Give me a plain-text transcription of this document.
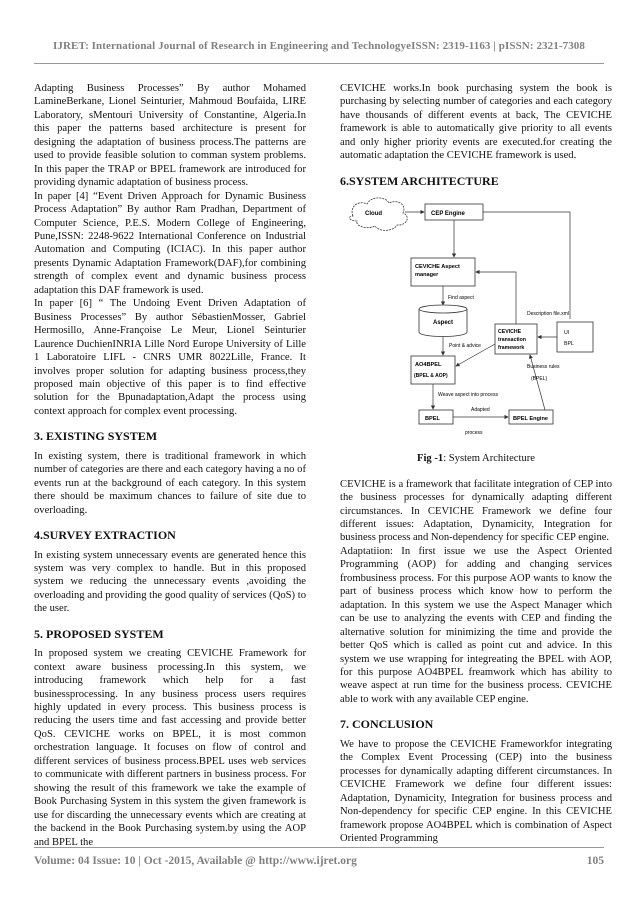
IJRET: International Journal of Research in Engineering and TechnologyeISSN: 2319-1163 | pISSN: 2321-7308

Adapting Business Processes” By author Mohamed LamineBerkane, Lionel Seinturier, Mahmoud Boufaida, LIRE Laboratory, sMentouri University of Constantine, Algeria.In this paper the patterns based architecture is present for designing the adaptation of business process.The patterns are used to provide feasible solution to comman system problems. In this paper the TRAP or BPEL framework are introduced for providing dynamic adaptation of business process.

In paper [4] “Event Driven Approach for Dynamic Business Process Adaptation” By author Ram Pradhan, Department of Computer Science, P.E.S. Modern College of Engineering, Pune,ISSN: 2248-9622 International Conference on Industrial Automation and Computing (ICIAC). In this paper author presents Dynamic Adaptation Framework(DAF),for combining strength of complex event and dynamic business process adaptation this DAF framework is used.

In paper [6] “ The Undoing Event Driven Adaptation of Business Processes” By author SébastienMosser, Gabriel Hermosillo, Anne-Françoise Le Meur, Lionel Seinturier Laurence DuchienINRIA Lille Nord Europe University of Lille 1 Laboratoire LIFL - CNRS UMR 8022Lille, France. It involves proper solution for adapting business process,they proposed main objective of this paper is to find effective solution for the Bpunadaptation,Adapt the process using context approach for complex event processing.

3. EXISTING SYSTEM

In existing system, there is traditional framework in which number of categories are there and each category having a no of events run at the background of each category. In this system there should be maximum chances to failure of site due to overloading.

4.SURVEY EXTRACTION

In existing system unnecessary events are generated hence this system was very complex to handle. But in this proposed system we reducing the unnecessary events ,avoiding the overloading and providing the good quality of services (QoS) to the user.

5. PROPOSED SYSTEM

In proposed system we creating CEVICHE Framework for context aware business processing.In this system, we introducing framework which help for a fast businessprocessing. In any business process users requires highly updated in every process. This business process is reducing the users time and fast accessing and provide better QoS. CEVICHE works on BPEL, it is most common orchestration language. It focuses on flow of control and different services of business process.BPEL uses web services to communicate with different partners in business process. For showing the result of this framework we take the example of Book Purchasing System in this system the given framework is use for discarding the unnecessary events which are creating at the backend in the Book Purchasing system.by using the AOP and BPEL the

CEVICHE works.In book purchasing system the book is purchasing by selecting number of categories and each category have thousands of different events at back, The CEVICHE framework is able to automatically give priority to all events and only higher priority events are executed.for creating the automatic adaptation the CEVICHE framework is used.

6.SYSTEM ARCHITECTURE

Cloud	CEP Engine
CEVICHE Aspect
manager
Find aspect
Aspect
Point & advice
AO4BPEL
(BPEL & AOP)
CEVICHE
transaction
framework
Description file.xml
UI
BPL
Business rules
(BPEL)
Weave aspect into process
BPEL
Adapted
BPEL Engine
process

Fig -1: System Architecture

CEVICHE is a framework that facilitate integration of CEP into the business processes for dynamically adapting different circumstances. In CEVICHE Framework we define four different issues: Adaptation, Dynamicity, Integration for business process and Non-dependency for specific CEP engine.

Adaptatiion: In first issue we use the Aspect Oriented Programming (AOP) for adding and changing services frombusiness process. For this purpose AOP wants to know the part of business process which know how to perform the adaptation. In this system we use the Aspect Manager which can be use to analyzing the events with CEP and finding the alternative solution for minimizing the time and provide the better QoS which is called as point cut and advice. In this system we use wrapping for integreating the BPEL with AOP, for this purpose AO4BPEL freamwork which has ability to weave aspect at run time for the business process. CEVICHE able to work with any available CEP engine.

7. CONCLUSION

We have to propose the CEVICHE Frameworkfor integrating the Complex Event Processing (CEP) into the business processes for dynamically adapting different circumstances. In CEVICHE Framework we define four different issues: Adaptation, Dynamicity, Integration for business process and Non-dependency for specific CEP engine. In this CEVICHE framework propose AO4BPEL which is combination of Aspect Oriented Programming

Volume: 04 Issue: 10 | Oct -2015, Available @ http://www.ijret.org	105
